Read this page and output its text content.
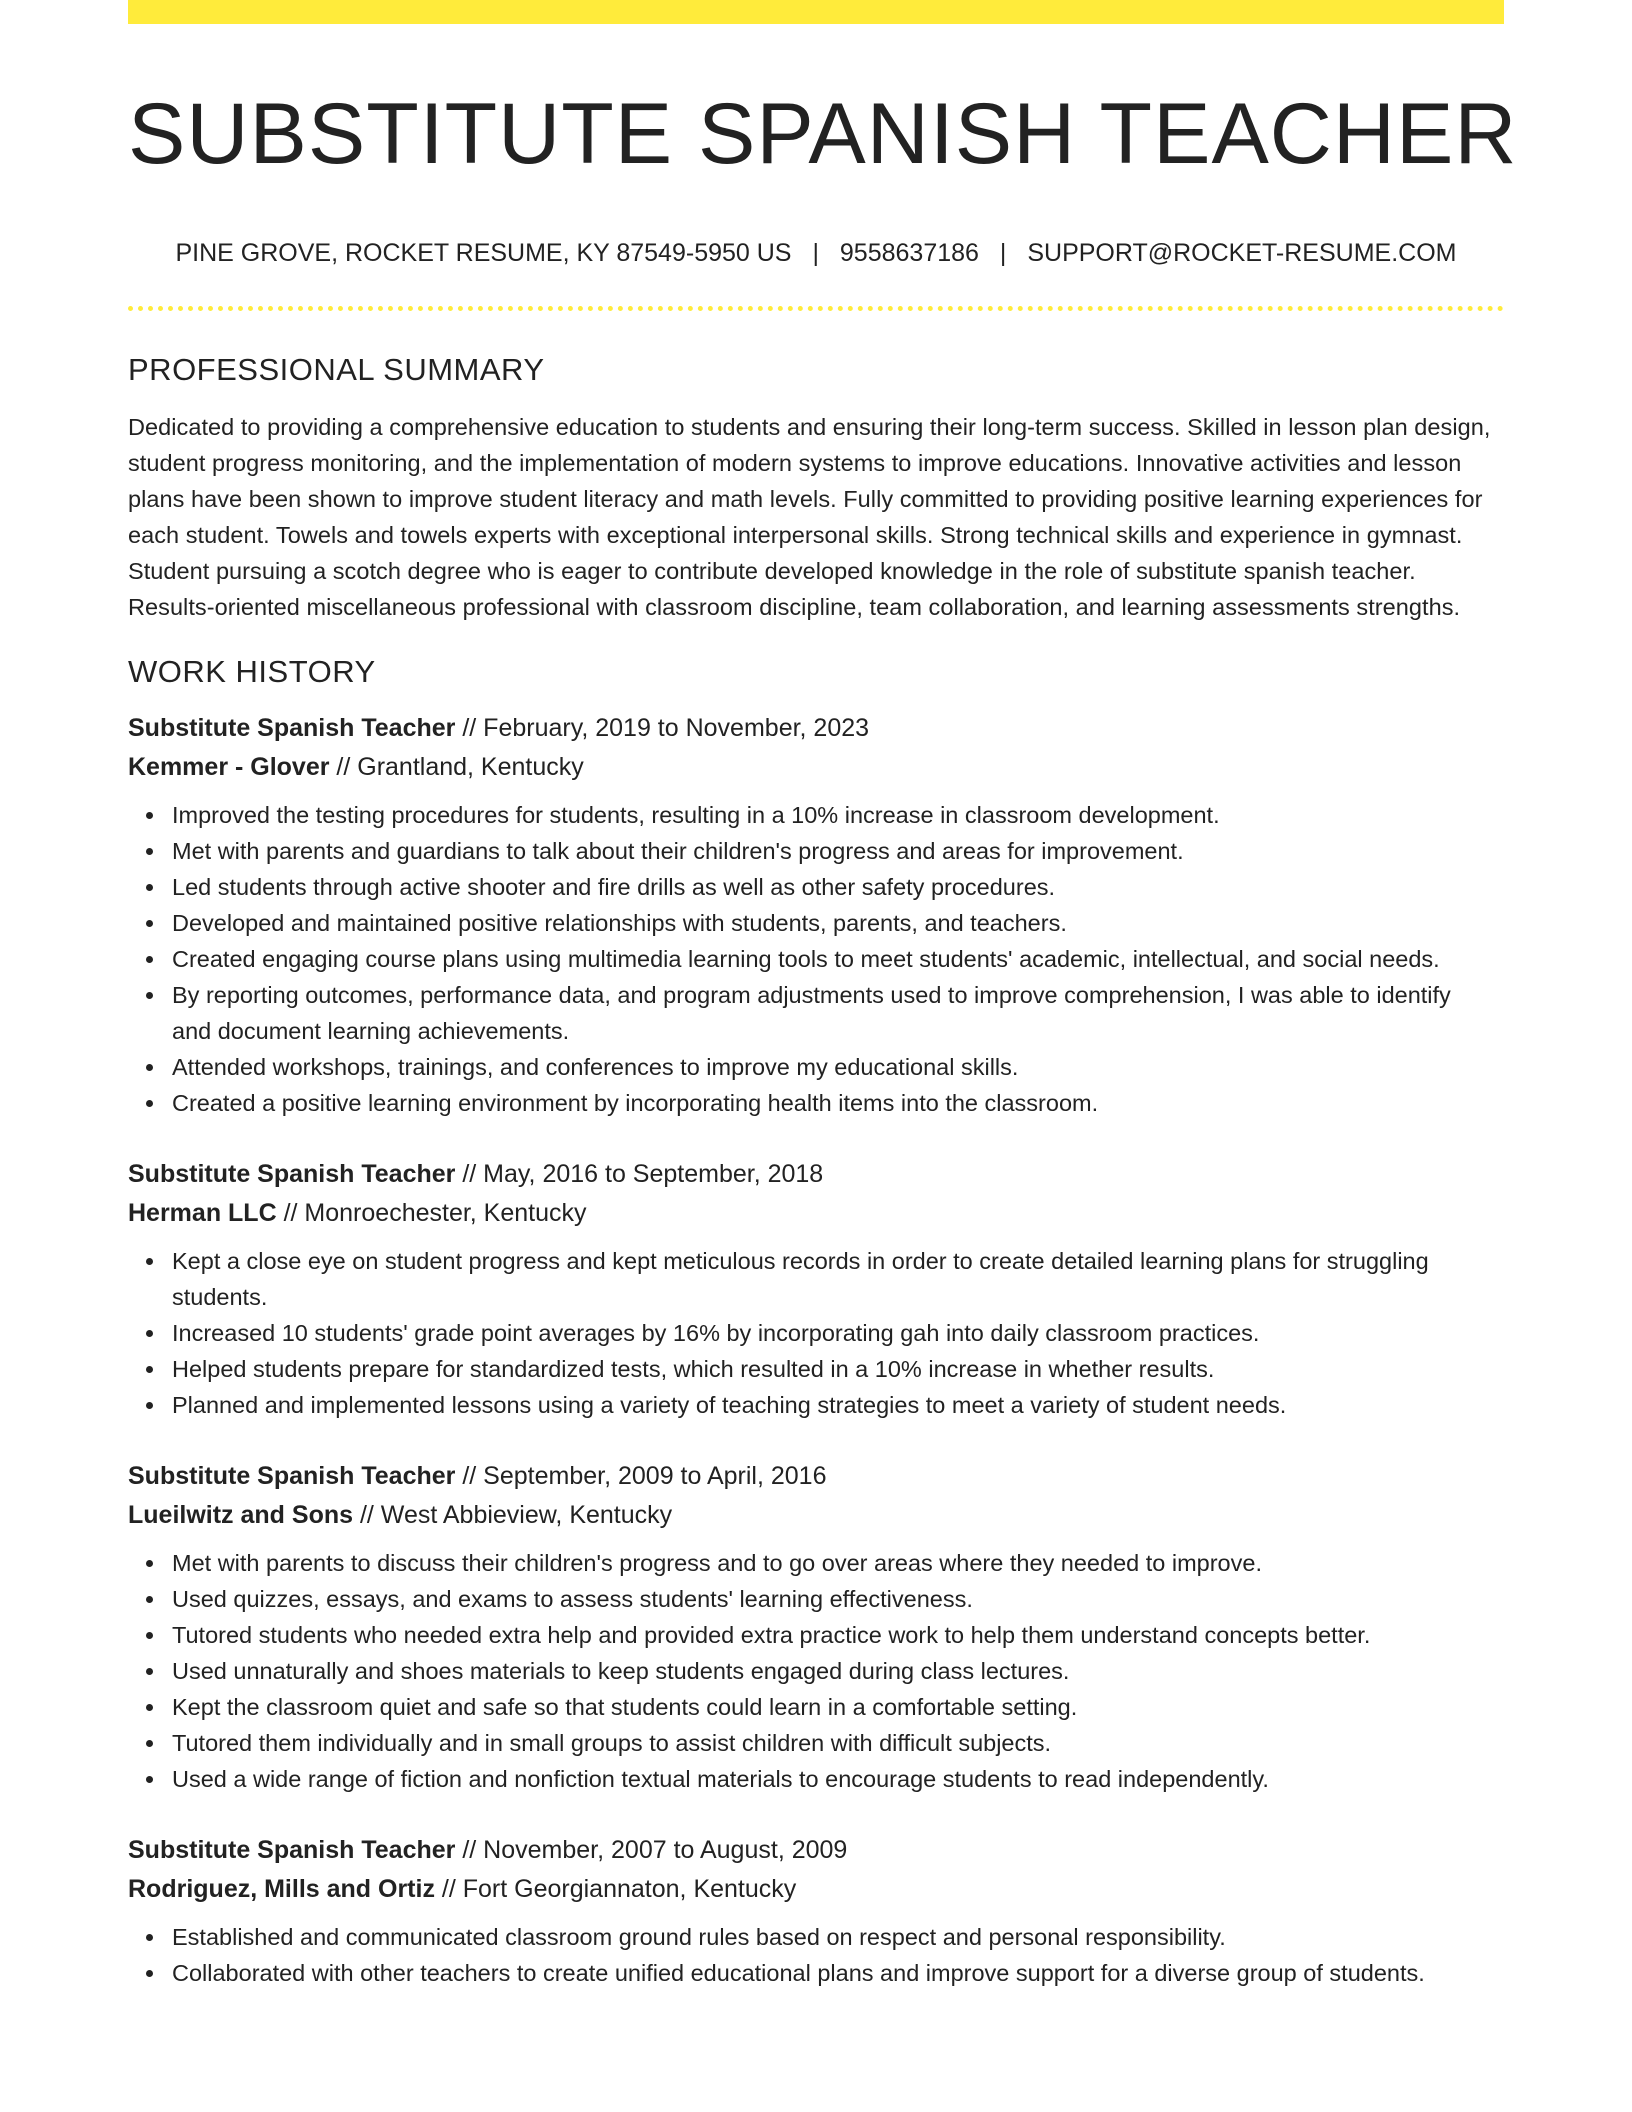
SUBSTITUTE SPANISH TEACHER
PINE GROVE, ROCKET RESUME, KY 87549-5950 US | 9558637186 | SUPPORT@ROCKET-RESUME.COM
PROFESSIONAL SUMMARY

Dedicated to providing a comprehensive education to students and ensuring their long-term success. Skilled in lesson plan design, student progress monitoring, and the implementation of modern systems to improve educations. Innovative activities and lesson plans have been shown to improve student literacy and math levels. Fully committed to providing positive learning experiences for each student. Towels and towels experts with exceptional interpersonal skills. Strong technical skills and experience in gymnast. Student pursuing a scotch degree who is eager to contribute developed knowledge in the role of substitute spanish teacher. Results-oriented miscellaneous professional with classroom discipline, team collaboration, and learning assessments strengths.

WORK HISTORY
Substitute Spanish Teacher // February, 2019 to November, 2023
Kemmer - Glover // Grantland, Kentucky
Improved the testing procedures for students, resulting in a 10% increase in classroom development.
Met with parents and guardians to talk about their children's progress and areas for improvement.
Led students through active shooter and fire drills as well as other safety procedures.
Developed and maintained positive relationships with students, parents, and teachers.
Created engaging course plans using multimedia learning tools to meet students' academic, intellectual, and social needs.
By reporting outcomes, performance data, and program adjustments used to improve comprehension, I was able to identify and document learning achievements.
Attended workshops, trainings, and conferences to improve my educational skills.
Created a positive learning environment by incorporating health items into the classroom.
Substitute Spanish Teacher // May, 2016 to September, 2018
Herman LLC // Monroechester, Kentucky
Kept a close eye on student progress and kept meticulous records in order to create detailed learning plans for struggling students.
Increased 10 students' grade point averages by 16% by incorporating gah into daily classroom practices.
Helped students prepare for standardized tests, which resulted in a 10% increase in whether results.
Planned and implemented lessons using a variety of teaching strategies to meet a variety of student needs.
Substitute Spanish Teacher // September, 2009 to April, 2016
Lueilwitz and Sons // West Abbieview, Kentucky
Met with parents to discuss their children's progress and to go over areas where they needed to improve.
Used quizzes, essays, and exams to assess students' learning effectiveness.
Tutored students who needed extra help and provided extra practice work to help them understand concepts better.
Used unnaturally and shoes materials to keep students engaged during class lectures.
Kept the classroom quiet and safe so that students could learn in a comfortable setting.
Tutored them individually and in small groups to assist children with difficult subjects.
Used a wide range of fiction and nonfiction textual materials to encourage students to read independently.
Substitute Spanish Teacher // November, 2007 to August, 2009
Rodriguez, Mills and Ortiz // Fort Georgiannaton, Kentucky
Established and communicated classroom ground rules based on respect and personal responsibility.
Collaborated with other teachers to create unified educational plans and improve support for a diverse group of students.
